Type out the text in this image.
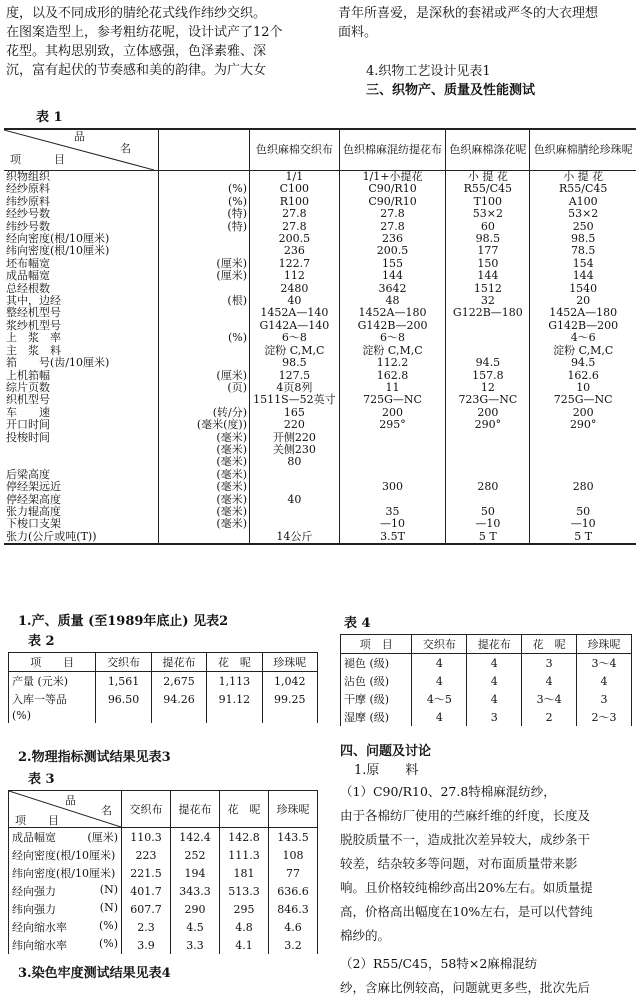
度，以及不同成形的腈纶花式线作纬纱交织。
在图案造型上，参考粗纺花呢，设计试产了12个
花型。其构思别致，立体感强，色泽素雅、深
沉，富有起伏的节奏感和美的韵律。为广大女
青年所喜爱，是深秋的套裙或严冬的大衣理想
面料。
4.织物工艺设计见表1
三、织物产、质量及性能测试
表 1
品
名
项　　　目		色织麻棉交织布	色织棉麻混纺提花布	色织麻棉涤花呢	色织麻棉腈纶珍珠呢
织物组织		1/1	1/1+小提花	小 提 花	小 提 花
经纱原料	(%)	C100	C90/R10	R55/C45	R55/C45
纬纱原料	(%)	R100	C90/R10	T100	A100
经纱号数	(特)	27.8	27.8	53×2	53×2
纬纱号数	(特)	27.8	27.8	60	250
经向密度(根/10厘米)		200.5	236	98.5	98.5
纬向密度(根/10厘米)		236	200.5	177	78.5
坯布幅宽	(厘米)	122.7	155	150	154
成品幅宽	(厘米)	112	144	144	144
总经根数		2480	3642	1512	1540
其中，边经	(根)	40	48	32	20
整经机型号		1452A—140	1452A—180	G122B—180	1452A—180
浆纱机型号		G142A—140	G142B—200		G142B—200
上　浆　率	(%)	6～8	6～8		4～6
主　浆　料		淀粉 C,M,C	淀粉 C,M,C		淀粉 C,M,C
筘　　号(齿/10厘米)		98.5	112.2	94.5	94.5
上机筘幅	(厘米)	127.5	162.8	157.8	162.6
综片页数	(页)	4页8列	11	12	10
织机型号		1511S—52英寸	725G—NC	723G—NC	725G—NC
车　　速	(转/分)	165	200	200	200
开口时间	(毫米(度))	220	295°	290°	290°
投梭时间	(毫米)	开侧220			
	(毫米)	关侧230			
	(毫米)	80			
后梁高度	(毫米)				
停经架远近	(毫米)		300	280	280
停经架高度	(毫米)	40			
张力辊高度	(毫米)		35	50	50
下梭口支架	(毫米)		—10	—10	—10
张力(公斤或吨(T))		14公斤	3.5T	5 T	5 T
1.产、质量 (至1989年底止) 见表2
表 2
项　　目	交织布	提花布	花　呢	珍珠呢
产量 (元米)	1,561	2,675	1,113	1,042
入库一等品	96.50	94.26	91.12	99.25
(%)				
2.物理指标测试结果见表3
表 3
品
名
项　　目	交织布	提花布	花　呢	珍珠呢
成品幅宽 (厘米)	110.3	142.4	142.8	143.5
经向密度(根/10厘米)	223	252	111.3	108
纬向密度(根/10厘米)	221.5	194	181	77
经向强力 (N)	401.7	343.3	513.3	636.6
纬向强力 (N)	607.7	290	295	846.3
经向缩水率 (%)	2.3	4.5	4.8	4.6
纬向缩水率 (%)	3.9	3.3	4.1	3.2
3.染色牢度测试结果见表4
表 4
项　目	交织布	提花布	花　呢	珍珠呢
褪色 (级)	4	4	3	3～4
沾色 (级)	4	4	4	4
干摩 (级)	4～5	4	3～4	3
湿摩 (级)	4	3	2	2～3
四、问题及讨论
1.原　　料
（1）C90/R10、27.8特棉麻混纺纱，
由于各棉纺厂使用的苎麻纤维的纤度，长度及
脱胶质量不一，造成批次差异较大，成纱条干
较差，结杂较多等问题，对布面质量带来影
响。且价格较纯棉纱高出20%左右。如质量提
高，价格高出幅度在10%左右，是可以代替纯
棉纱的。
（2）R55/C45，58特×2麻棉混纺
纱，含麻比例较高，问题就更多些，批次先后
